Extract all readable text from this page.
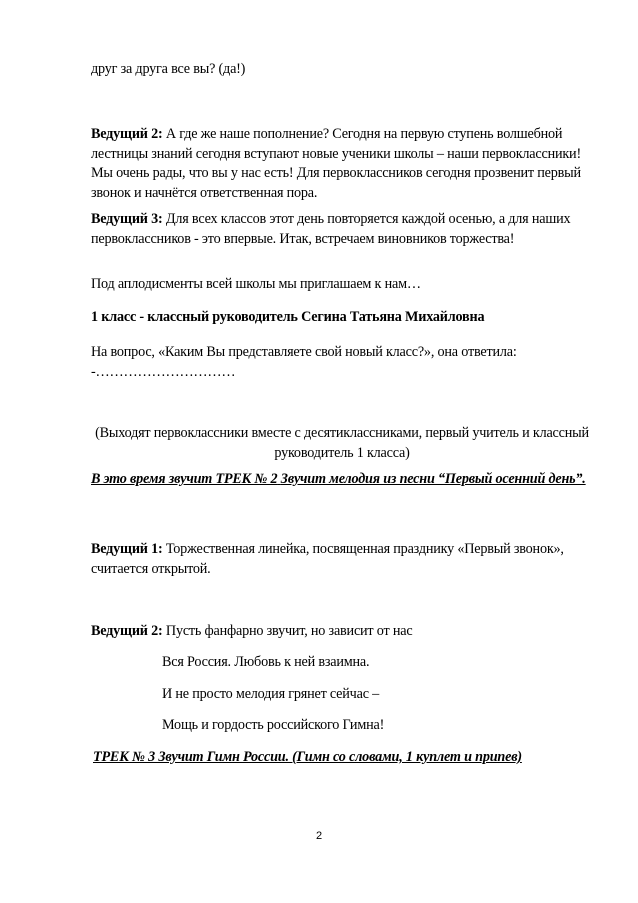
друг за друга все вы? (да!)

Ведущий 2: А где же наше пополнение? Сегодня на первую ступень волшебной лестницы знаний сегодня вступают новые ученики школы – наши первоклассники! Мы очень рады, что вы у нас есть! Для первоклассников сегодня прозвенит первый звонок и начнётся ответственная пора.

Ведущий 3: Для всех классов этот день повторяется каждой осенью, а для наших первоклассников - это впервые. Итак, встречаем виновников торжества!

Под аплодисменты всей школы мы приглашаем к нам…

1 класс - классный руководитель Сегина Татьяна Михайловна

На вопрос, «Каким Вы представляете свой новый класс?», она ответила:
-…………………………

(Выходят первоклассники вместе с десятиклассниками, первый учитель и классный руководитель 1 класса)

В это время звучит ТРЕК № 2 Звучит мелодия из песни “Первый осенний день”.

Ведущий 1: Торжественная линейка, посвященная празднику «Первый звонок», считается открытой.

Ведущий 2: Пусть фанфарно звучит, но зависит от нас

Вся Россия. Любовь к ней взаимна.

И не просто мелодия грянет сейчас –

Мощь и гордость российского Гимна!

ТРЕК № 3 Звучит Гимн России. (Гимн со словами, 1 куплет и припев)

2
